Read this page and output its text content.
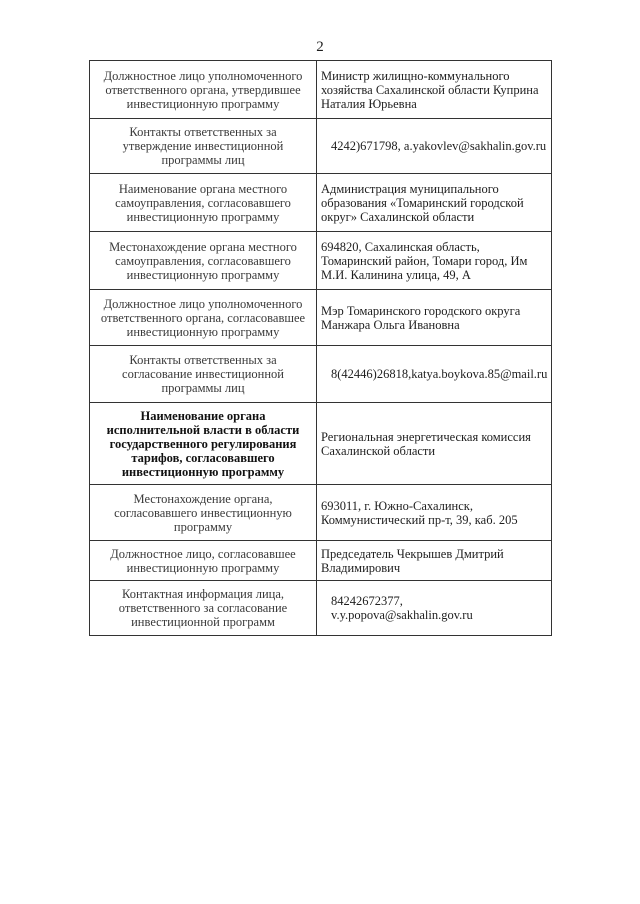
2
Должностное лицо уполномоченного ответственного органа, утвердившее инвестиционную программу	Министр жилищно-коммунального хозяйства Сахалинской области Куприна Наталия Юрьевна
Контакты ответственных за утверждение инвестиционной программы лиц	4242)671798, a.yakovlev@sakhalin.gov.ru
Наименование органа местного самоуправления, согласовавшего инвестиционную программу	Администрация муниципального образования «Томаринский городской округ» Сахалинской области
Местонахождение органа местного самоуправления, согласовавшего инвестиционную программу	694820, Сахалинская область, Томаринский район, Томари город, Им М.И. Калинина улица, 49, А
Должностное лицо уполномоченного ответственного органа, согласовавшее инвестиционную программу	Мэр Томаринского городского округа Манжара Ольга Ивановна
Контакты ответственных за согласование инвестиционной программы лиц	8(42446)26818,katya.boykova.85@mail.ru
Наименование органа исполнительной власти в области государственного регулирования тарифов, согласовавшего инвестиционную программу	Региональная энергетическая комиссия Сахалинской области
Местонахождение органа, согласовавшего инвестиционную программу	693011, г. Южно-Сахалинск, Коммунистический пр-т, 39, каб. 205
Должностное лицо, согласовавшее инвестиционную программу	Председатель Чекрышев Дмитрий Владимирович
Контактная информация лица, ответственного за согласование инвестиционной программ	84242672377, v.y.popova@sakhalin.gov.ru
